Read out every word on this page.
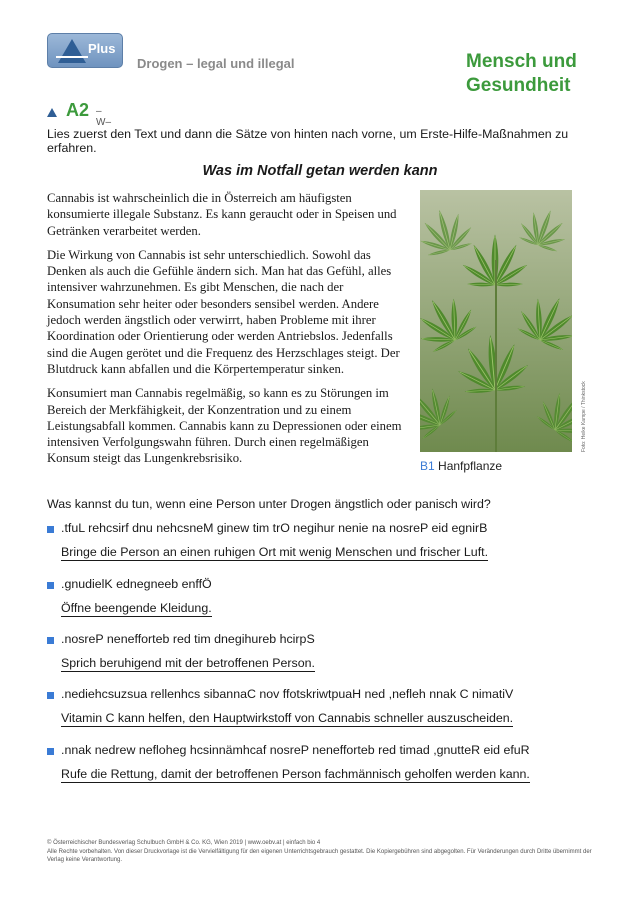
Plus
Drogen – legal und illegal	Mensch und Gesundheit
A2 –W–
Lies zuerst den Text und dann die Sätze von hinten nach vorne, um Erste-Hilfe-Maßnahmen zu erfahren.
Was im Notfall getan werden kann

Cannabis ist wahrscheinlich die in Österreich am häufigsten konsumierte illegale Substanz. Es kann geraucht oder in Speisen und Getränken verarbeitet werden.

Die Wirkung von Cannabis ist sehr unterschiedlich. Sowohl das Denken als auch die Gefühle ändern sich. Man hat das Gefühl, alles intensiver wahrzunehmen. Es gibt Menschen, die nach der Konsumation sehr heiter oder besonders sensibel werden. Andere jedoch werden ängstlich oder verwirrt, haben Probleme mit ihrer Koordination oder Orientierung oder werden Antriebslos. Jedenfalls sind die Augen gerötet und die Frequenz des Herzschlages steigt. Der Blutdruck kann abfallen und die Körpertemperatur sinken.

Konsumiert man Cannabis regelmäßig, so kann es zu Störungen im Bereich der Merkfähigkeit, der Konzentration und zu einem Leistungsabfall kommen. Cannabis kann zu Depressionen oder einem intensiven Verfolgungswahn führen. Durch einen regelmäßigen Konsum steigt das Lungenkrebsrisiko.

Foto: Heike Kampe / Thinkstock
B1 Hanfpflanze
Was kannst du tun, wenn eine Person unter Drogen ängstlich oder panisch wird?
.tfuL rehcsirf dnu nehcsneM ginew tim trO negihur nenie na nosreP eid egnirB
Bringe die Person an einen ruhigen Ort mit wenig Menschen und frischer Luft.
.gnudielK ednegneeb enffÖ
Öffne beengende Kleidung.
.nosreP nenefforteb red tim dnegihureb hcirpS
Sprich beruhigend mit der betroffenen Person.
.nediehcsuzsua rellenhcs sibannaC nov ffotskriwtpuaH ned ,nefleh nnak C nimatiV
Vitamin C kann helfen, den Hauptwirkstoff von Cannabis schneller auszuscheiden.
.nnak nedrew nefloheg hcsinnämhcaf nosreP nenefforteb red timad ,gnuttеR eid efuR
Rufe die Rettung, damit der betroffenen Person fachmännisch geholfen werden kann.

© Österreichischer Bundesverlag Schulbuch GmbH & Co. KG, Wien 2019 | www.oebv.at | einfach bio 4

Alle Rechte vorbehalten. Von dieser Druckvorlage ist die Vervielfältigung für den eigenen Unterrichtsgebrauch gestattet. Die Kopiergebühren sind abgegolten. Für Veränderungen durch Dritte übernimmt der Verlag keine Verantwortung.
